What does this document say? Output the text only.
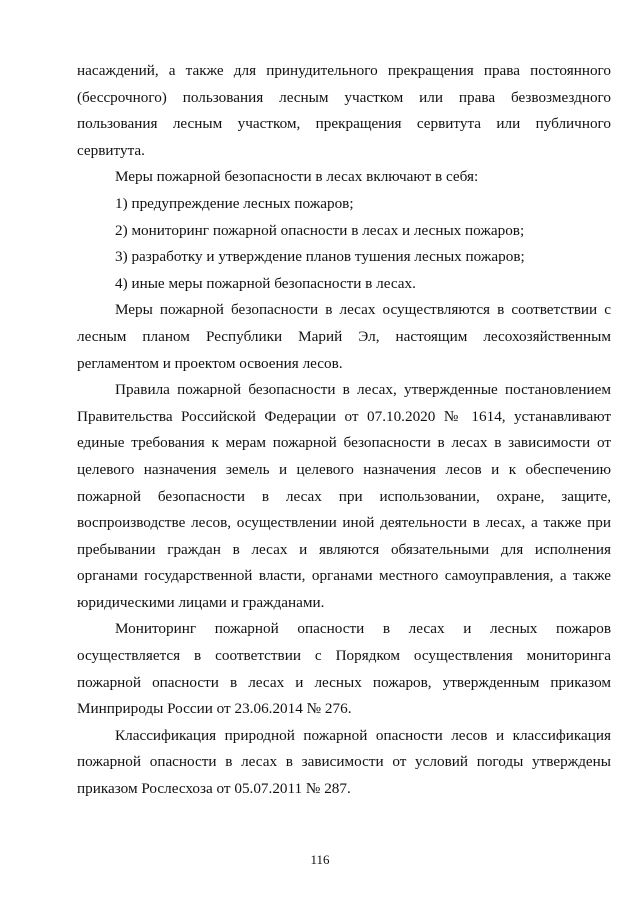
насаждений, а также для принудительного прекращения права постоянного (бессрочного) пользования лесным участком или права безвозмездного пользования лесным участком, прекращения сервитута или публичного сервитута.

Меры пожарной безопасности в лесах включают в себя:

1) предупреждение лесных пожаров;

2) мониторинг пожарной опасности в лесах и лесных пожаров;

3) разработку и утверждение планов тушения лесных пожаров;

4) иные меры пожарной безопасности в лесах.

Меры пожарной безопасности в лесах осуществляются в соответствии с лесным планом Республики Марий Эл, настоящим лесохозяйственным регламентом и проектом освоения лесов.

Правила пожарной безопасности в лесах, утвержденные постановлением Правительства Российской Федерации от 07.10.2020 № 1614, устанавливают единые требования к мерам пожарной безопасности в лесах в зависимости от целевого назначения земель и целевого назначения лесов и к обеспечению пожарной безопасности в лесах при использовании, охране, защите, воспроизводстве лесов, осуществлении иной деятельности в лесах, а также при пребывании граждан в лесах и являются обязательными для исполнения органами государственной власти, органами местного самоуправления, а также юридическими лицами и гражданами.

Мониторинг пожарной опасности в лесах и лесных пожаров осуществляется в соответствии с Порядком осуществления мониторинга пожарной опасности в лесах и лесных пожаров, утвержденным приказом Минприроды России от 23.06.2014 № 276.

Классификация природной пожарной опасности лесов и классификация пожарной опасности в лесах в зависимости от условий погоды утверждены приказом Рослесхоза от 05.07.2011 № 287.

116
